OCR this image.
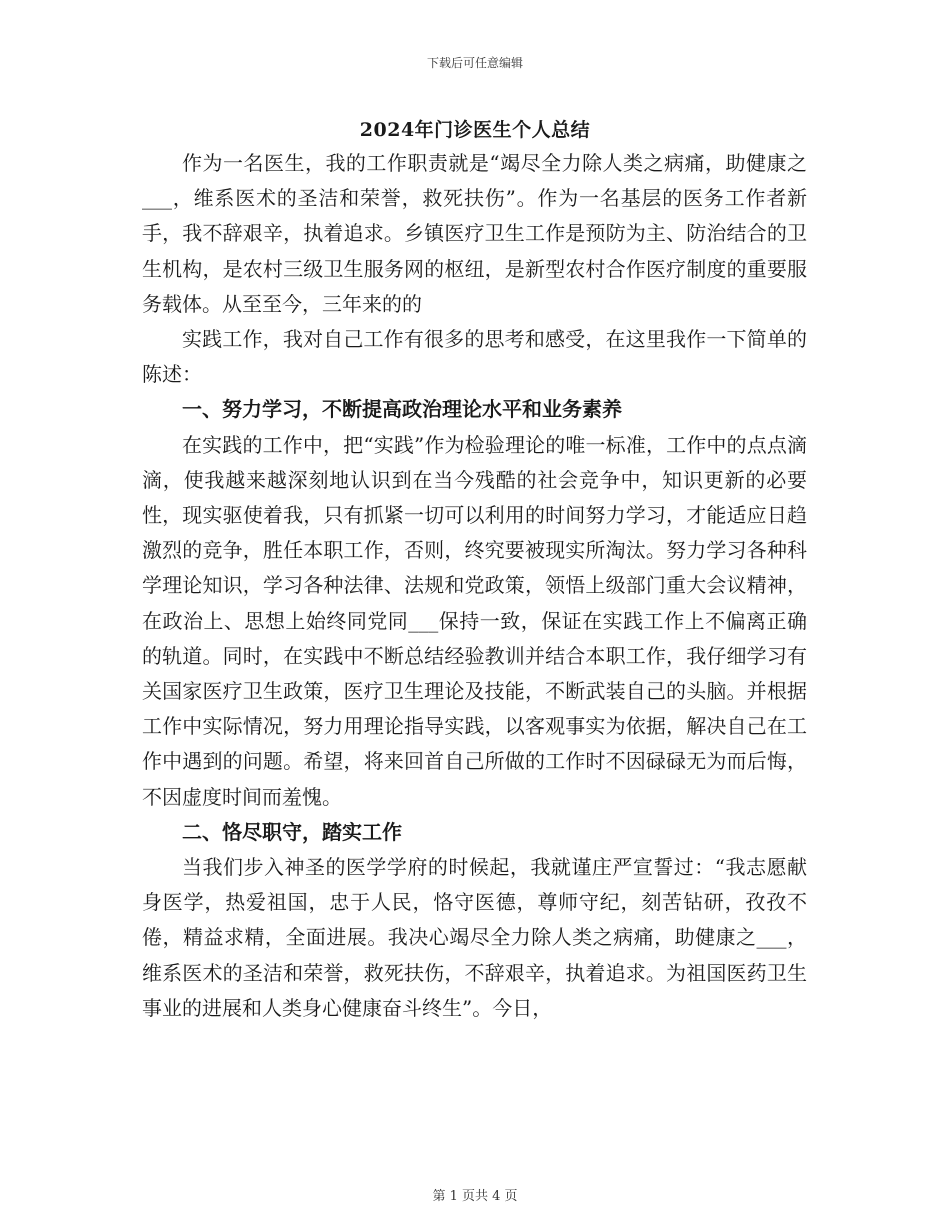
下载后可任意编辑
2024年门诊医生个人总结

作为一名医生，我的工作职责就是“竭尽全力除人类之病痛，助健康之___，维系医术的圣洁和荣誉，救死扶伤”。作为一名基层的医务工作者新手，我不辞艰辛，执着追求。乡镇医疗卫生工作是预防为主、防治结合的卫生机构，是农村三级卫生服务网的枢纽，是新型农村合作医疗制度的重要服务载体。从至至今，三年来的的

实践工作，我对自己工作有很多的思考和感受，在这里我作一下简单的陈述：

一、努力学习，不断提高政治理论水平和业务素养

在实践的工作中，把“实践”作为检验理论的唯一标准，工作中的点点滴滴，使我越来越深刻地认识到在当今残酷的社会竞争中，知识更新的必要性，现实驱使着我，只有抓紧一切可以利用的时间努力学习，才能适应日趋激烈的竞争，胜任本职工作，否则，终究要被现实所淘汰。努力学习各种科学理论知识，学习各种法律、法规和党政策，领悟上级部门重大会议精神，在政治上、思想上始终同党同___保持一致，保证在实践工作上不偏离正确的轨道。同时，在实践中不断总结经验教训并结合本职工作，我仔细学习有关国家医疗卫生政策，医疗卫生理论及技能，不断武装自己的头脑。并根据工作中实际情况，努力用理论指导实践，以客观事实为依据，解决自己在工作中遇到的问题。希望，将来回首自己所做的工作时不因碌碌无为而后悔，不因虚度时间而羞愧。

二、恪尽职守，踏实工作

当我们步入神圣的医学学府的时候起，我就谨庄严宣誓过：“我志愿献身医学，热爱祖国，忠于人民，恪守医德，尊师守纪，刻苦钻研，孜孜不倦，精益求精，全面进展。我决心竭尽全力除人类之病痛，助健康之___，维系医术的圣洁和荣誉，救死扶伤，不辞艰辛，执着追求。为祖国医药卫生事业的进展和人类身心健康奋斗终生”。今日，

第 1 页共 4 页
